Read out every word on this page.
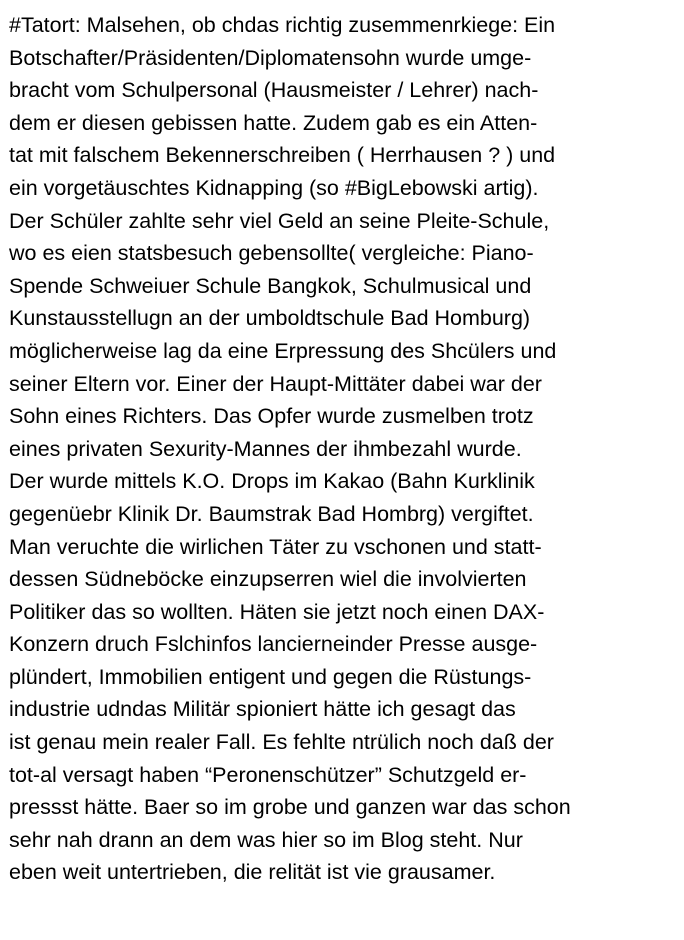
#Tatort: Malsehen, ob chdas richtig zusemmenrkiege: Ein
Botschafter/Präsidenten/Diplomatensohn wurde umge-
bracht vom Schulpersonal (Hausmeister / Lehrer) nach-
dem er diesen gebissen hatte. Zudem gab es ein Atten-
tat mit falschem Bekennerschreiben ( Herrhausen ? ) und
ein vorgetäuschtes Kidnapping (so #BigLebowski artig).
Der Schüler zahlte sehr viel Geld an seine Pleite-Schule,
wo es eien statsbesuch gebensollte( vergleiche: Piano-
Spende Schweiuer Schule Bangkok, Schulmusical und
Kunstausstellugn an der umboldtschule Bad Homburg)
möglicherweise lag da eine Erpressung des Shcülers und
seiner Eltern vor. Einer der Haupt-Mittäter dabei war der
Sohn eines Richters. Das Opfer wurde zusmelben trotz
eines privaten Sexurity-Mannes der ihmbezahl wurde.
Der wurde mittels K.O. Drops im Kakao (Bahn Kurklinik
gegenüebr Klinik Dr. Baumstrak Bad Hombrg) vergiftet.
Man veruchte die wirlichen Täter zu vschonen und statt-
dessen Südneböcke einzupserren wiel die involvierten
Politiker das so wollten. Häten sie jetzt noch einen DAX-
Konzern druch Fslchinfos lancierneinder Presse ausge-
plündert, Immobilien entigent und gegen die Rüstungs-
industrie udndas Militär spioniert hätte ich gesagt das
ist genau mein realer Fall. Es fehlte ntrülich noch daß der
tot-al versagt haben “Peronenschützer” Schutzgeld er-
pressst hätte. Baer so im grobe und ganzen war das schon
sehr nah drann an dem was hier so im Blog steht. Nur
eben weit untertrieben, die relität ist vie grausamer.
